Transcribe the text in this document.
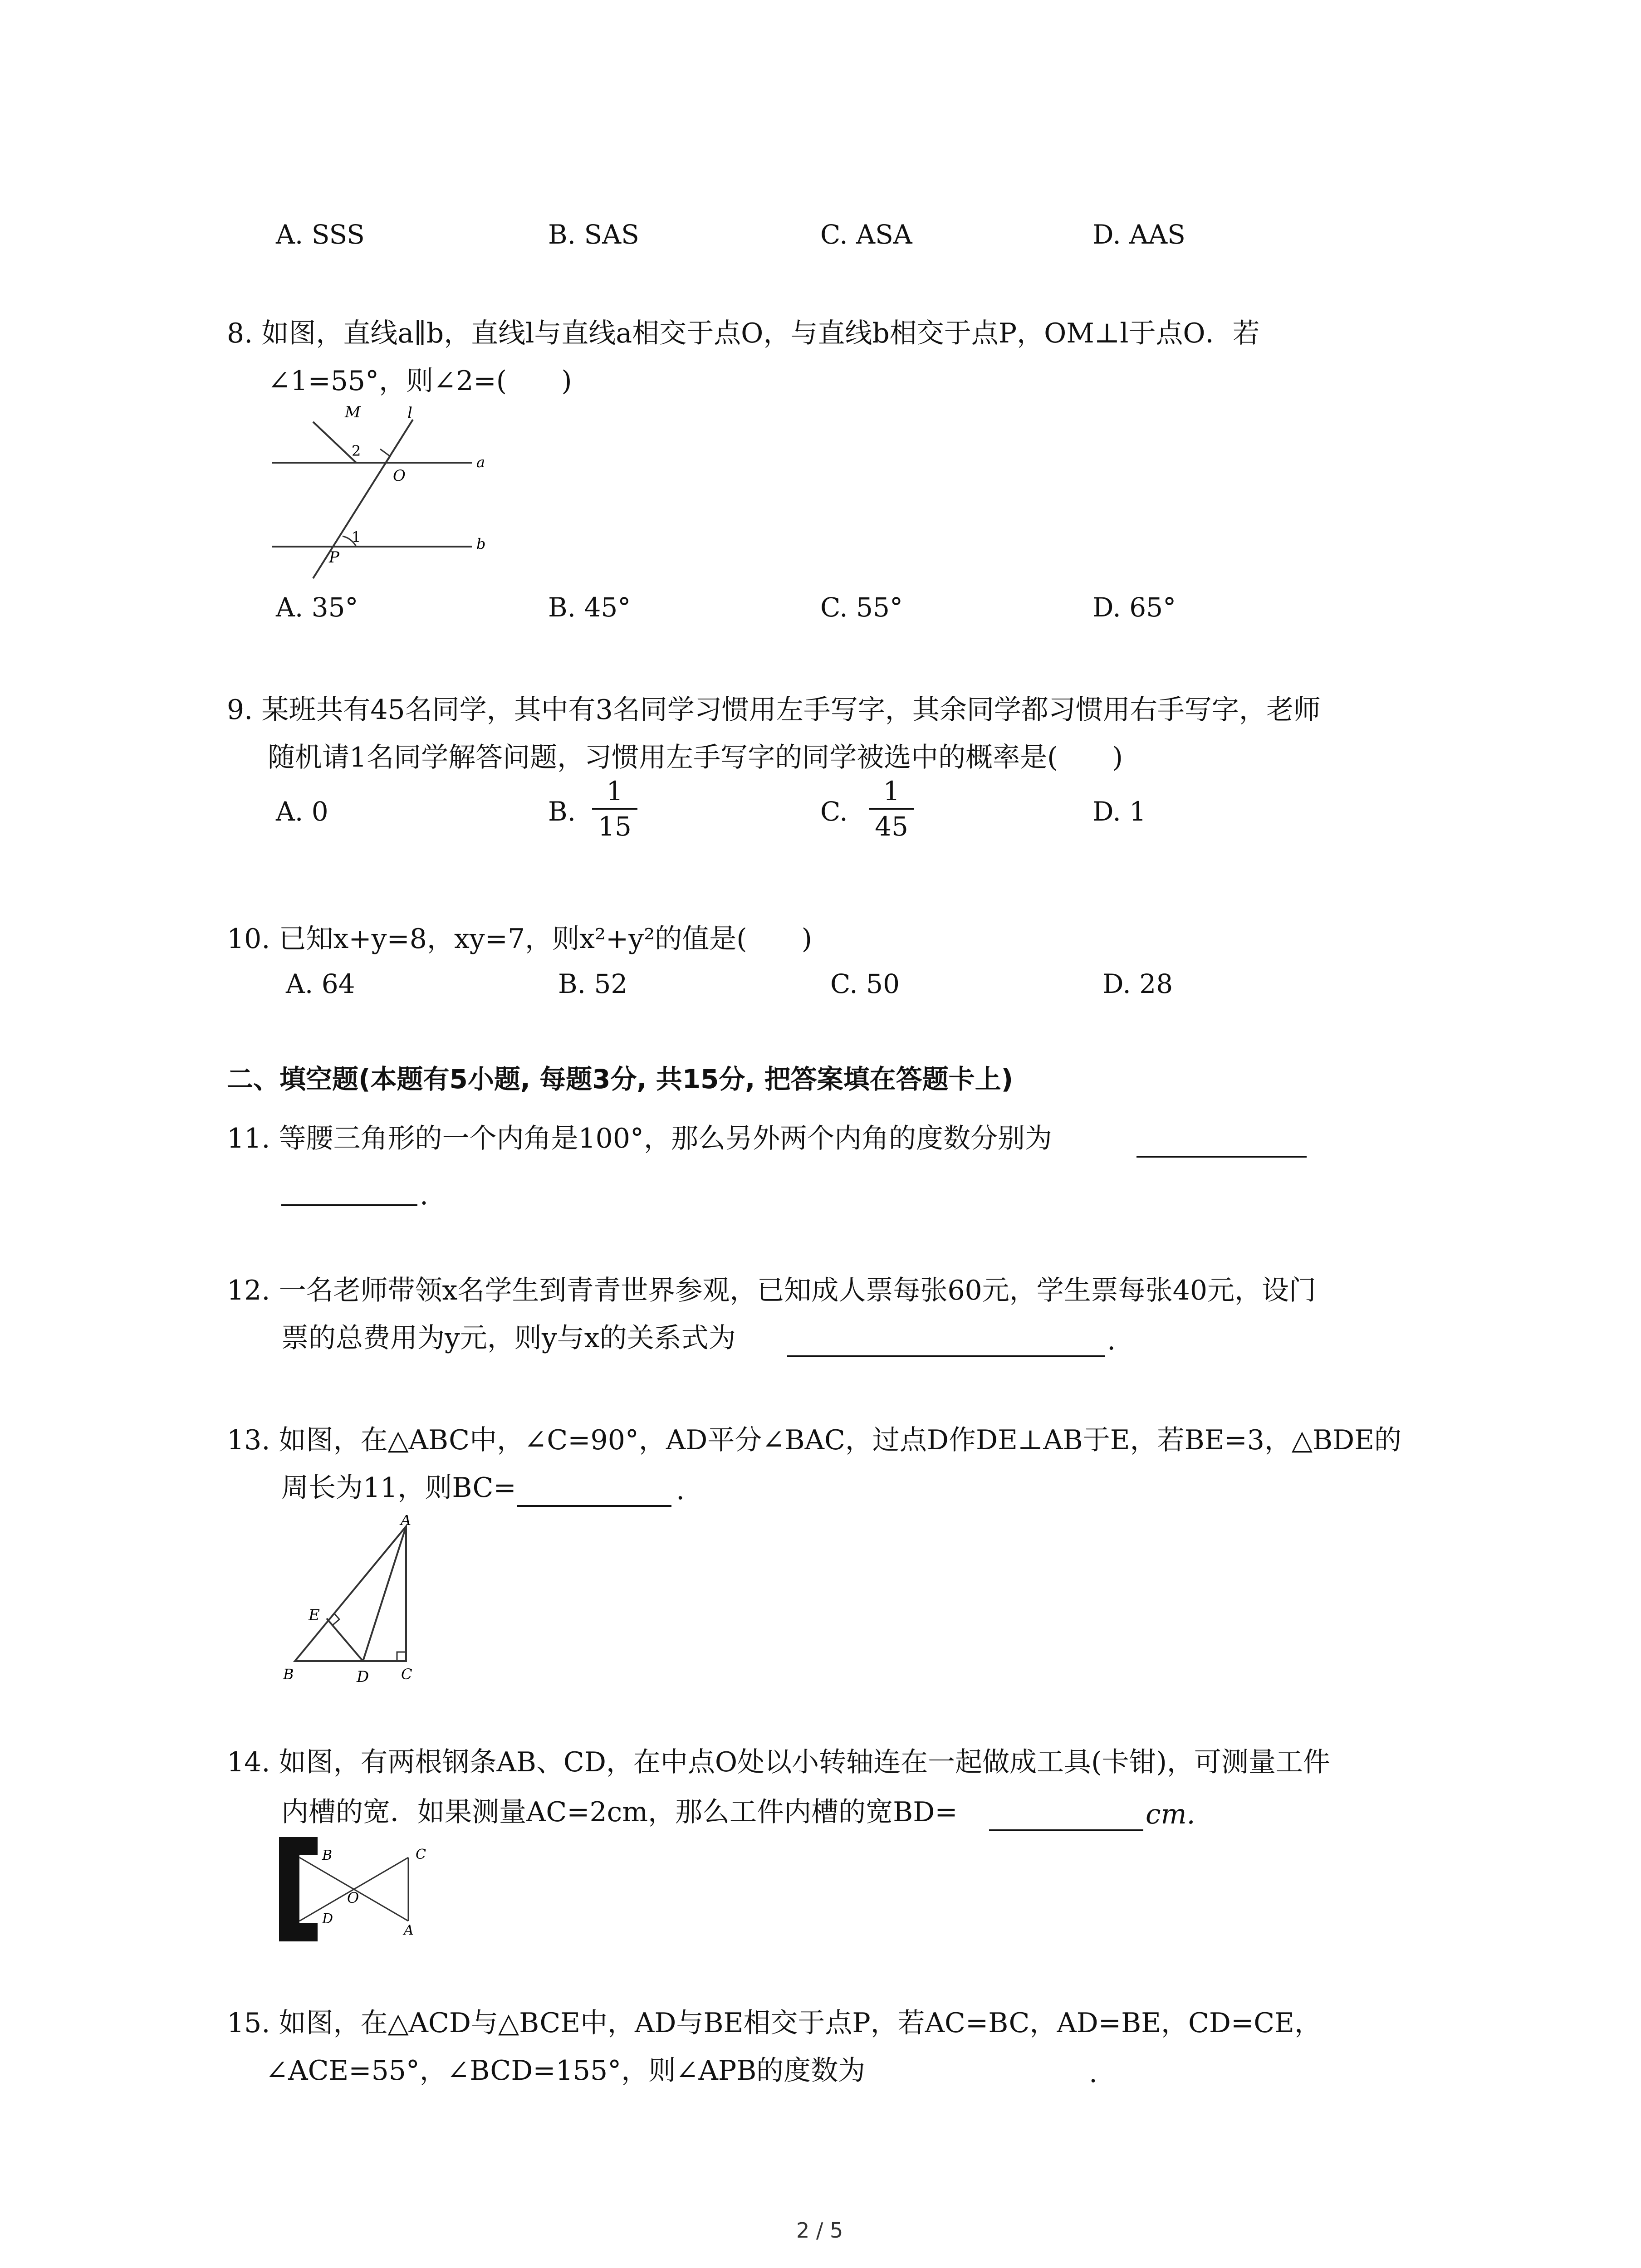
A. SSS	B. SAS	C. ASA	D. AAS
8. 如图，直线a∥b，直线l与直线a相交于点O，与直线b相交于点P，OM⊥l于点O．若
∠1=55°，则∠2=(　　)
M	l
2
O
a
1
P
b
A. 35°	B. 45°	C. 55°	D. 65°
9. 某班共有45名同学，其中有3名同学习惯用左手写字，其余同学都习惯用右手写字，老师
随机请1名同学解答问题，习惯用左手写字的同学被选中的概率是(　　)
A. 0	B.
1
15	C.
1
45	D. 1
10. 已知x+y=8，xy=7，则x²+y²的值是(　　)
A. 64	B. 52	C. 50	D. 28
二、填空题(本题有5小题, 每题3分, 共15分, 把答案填在答题卡上)
11. 等腰三角形的一个内角是100°，那么另外两个内角的度数分别为
.
12. 一名老师带领x名学生到青青世界参观，已知成人票每张60元，学生票每张40元，设门
票的总费用为y元，则y与x的关系式为	.
13. 如图，在△ABC中，∠C=90°，AD平分∠BAC，过点D作DE⊥AB于E，若BE=3，△BDE的
周长为11，则BC=	.
A
E
B	D C
14. 如图，有两根钢条AB、CD，在中点O处以小转轴连在一起做成工具(卡钳)，可测量工件
内槽的宽．如果测量AC=2cm，那么工件内槽的宽BD=	cm.
B	C
O
D
A
15. 如图，在△ACD与△BCE中，AD与BE相交于点P，若AC=BC，AD=BE，CD=CE，
∠ACE=55°，∠BCD=155°，则∠APB的度数为	.
2 / 5
